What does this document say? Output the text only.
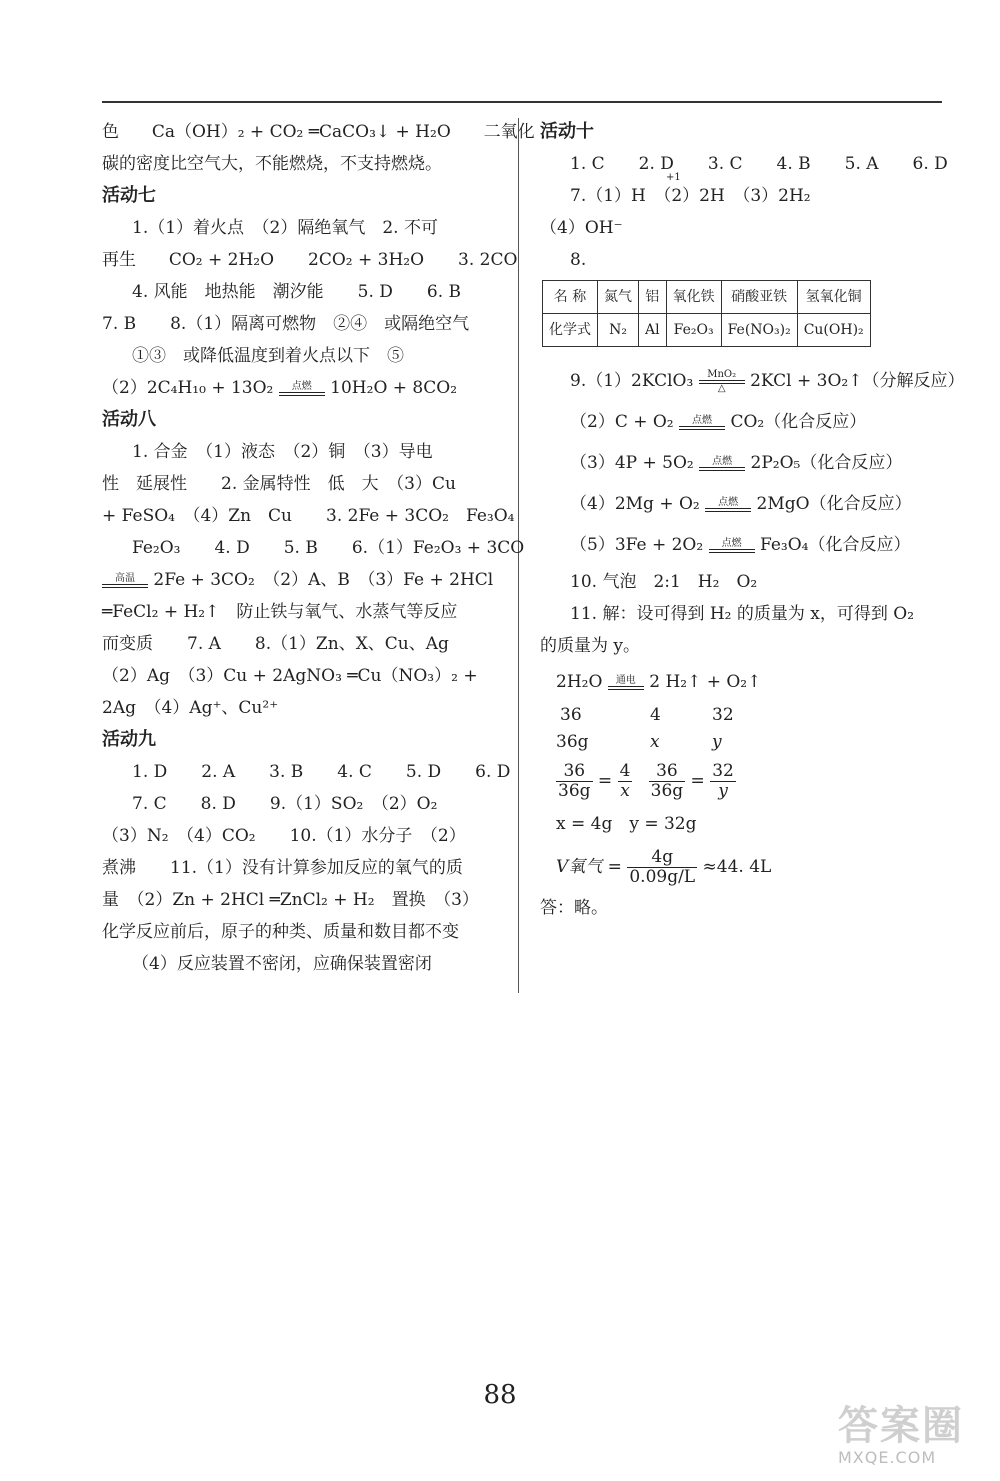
色 Ca（OH）₂ + CO₂ ═CaCO₃↓ + H₂O 二氧化
碳的密度比空气大，不能燃烧，不支持燃烧。
活动七
1.（1）着火点　（2）隔绝氧气　2. 不可
再生 CO₂ + 2H₂O　　2CO₂ + 3H₂O　　3. 2CO
4. 风能　地热能　潮汐能　　5. D　　6. B
7. B　　8.（1）隔离可燃物　②④　或隔绝空气
①③　或降低温度到着火点以下　⑤
（2）2C₄H₁₀ + 13O₂	点燃	10H₂O + 8CO₂
活动八
1. 合金　（1）液态　（2）铜　（3）导电
性　延展性　　2. 金属特性　低　大　（3）Cu
+ FeSO₄　（4）Zn　Cu　　3. 2Fe + 3CO₂　Fe₃O₄
Fe₂O₃　　4. D　　5. B　　6.（1）Fe₂O₃ + 3CO
高温	2Fe + 3CO₂　（2）A、B　（3）Fe + 2HCl
═FeCl₂ + H₂↑　防止铁与氧气、水蒸气等反应
而变质　　7. A　　8.（1）Zn、X、Cu、Ag
（2）Ag　（3）Cu + 2AgNO₃ ═Cu（NO₃）₂ +
2Ag　（4）Ag⁺、Cu²⁺
活动九
1. D　　2. A　　3. B　　4. C　　5. D　　6. D
7. C　　8. D　　9.（1）SO₂　（2）O₂
（3）N₂　（4）CO₂　　10.（1）水分子　（2）
煮沸　　11.（1）没有计算参加反应的氧气的质
量　（2）Zn + 2HCl ═ZnCl₂ + H₂　置换　（3）
化学反应前后，原子的种类、质量和数目都不变
（4）反应装置不密闭，应确保装置密闭
活动十
1. C　　2. D　　3. C　　4. B　　5. A　　6. D
7.（1）H　（2）2H　（3）2H₂ $^{+1}$
（4）OH⁻
8.
名 称	氮气	铝	氧化铁	硝酸亚铁	氢氧化铜
化学式	N₂	Al	Fe₂O₃	Fe(NO₃)₂	Cu(OH)₂
9.（1）2KClO₃	MnO₂
△	2KCl + 3O₂↑（分解反应）
（2）C + O₂	点燃	CO₂（化合反应）
（3）4P + 5O₂	点燃	2P₂O₅（化合反应）
（4）2Mg + O₂	点燃	2MgO（化合反应）
（5）3Fe + 2O₂	点燃	Fe₃O₄（化合反应）
10. 气泡　2:1　H₂　O₂
11. 解：设可得到 H₂ 的质量为 x，可得到 O₂
的质量为 y。
2H₂O	通电 2 H₂↑ + O₂↑
36	4	32
36g	x	y
$\frac{36}{36g} = \frac{4}{x}$
$\frac{36}{36g} = \frac{32}{y}$
x = 4g　y = 32g
V氧气 = $\frac{4g}{0.09g/L} \approx 44$. 4L
答：略。
88
答案圈
MXQE.COM
